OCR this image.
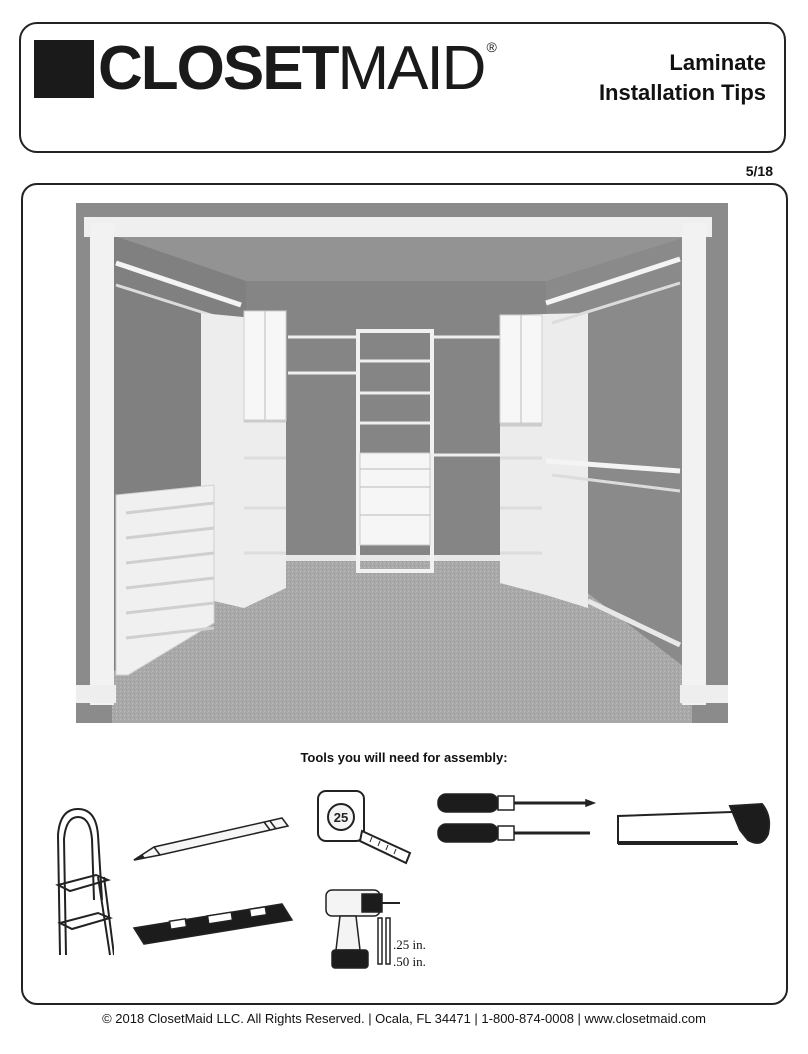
CLOSET MAID®
Laminate
Installation Tips
5/18
Tools you will need for assembly:
25
.25 in.
.50 in.
© 2018 ClosetMaid LLC. All Rights Reserved. | Ocala, FL 34471 | 1-800-874-0008 | www.closetmaid.com
